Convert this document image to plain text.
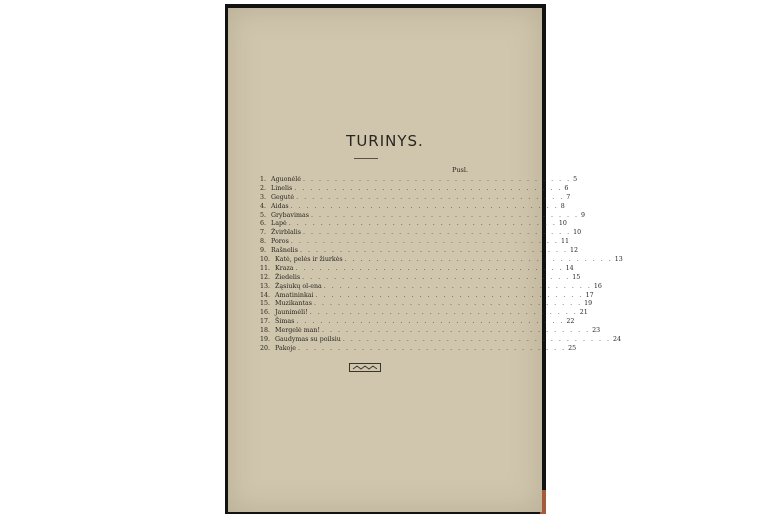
TURINYS.
Pusl.
1. Aguonėlė . . . . . . . . . . . . . . . . . . . . . . . . . . . . . . . . . . 5
2. Linelis . . . . . . . . . . . . . . . . . . . . . . . . . . . . . . . . . . 6
3. Gegutė . . . . . . . . . . . . . . . . . . . . . . . . . . . . . . . . . . 7
4. Aidas . . . . . . . . . . . . . . . . . . . . . . . . . . . . . . . . . . 8
5. Grybavimas . . . . . . . . . . . . . . . . . . . . . . . . . . . . . . . . . . 9
6. Lapė . . . . . . . . . . . . . . . . . . . . . . . . . . . . . . . . . . 10
7. Žvirblalis . . . . . . . . . . . . . . . . . . . . . . . . . . . . . . . . . . 10
8. Poros . . . . . . . . . . . . . . . . . . . . . . . . . . . . . . . . . . 11
9. Rašnelis . . . . . . . . . . . . . . . . . . . . . . . . . . . . . . . . . . 12
10. Katė, pelės ir žiurkės . . . . . . . . . . . . . . . . . . . . . . . . . . . . . . . . . . 13
11. Kraza . . . . . . . . . . . . . . . . . . . . . . . . . . . . . . . . . . 14
12. Žiedelis . . . . . . . . . . . . . . . . . . . . . . . . . . . . . . . . . . 15
13. Žąsiukų ol-ena . . . . . . . . . . . . . . . . . . . . . . . . . . . . . . . . . . 16
14. Amatininkai . . . . . . . . . . . . . . . . . . . . . . . . . . . . . . . . . . 17
15. Muzikantas . . . . . . . . . . . . . . . . . . . . . . . . . . . . . . . . . . 19
16. Jaunimėli! . . . . . . . . . . . . . . . . . . . . . . . . . . . . . . . . . . 21
17. Šimas . . . . . . . . . . . . . . . . . . . . . . . . . . . . . . . . . . 22
18. Mergelė man! . . . . . . . . . . . . . . . . . . . . . . . . . . . . . . . . . . 23
19. Gaudymas su poilsiu . . . . . . . . . . . . . . . . . . . . . . . . . . . . . . . . . . 24
20. Pakoje . . . . . . . . . . . . . . . . . . . . . . . . . . . . . . . . . . 25
